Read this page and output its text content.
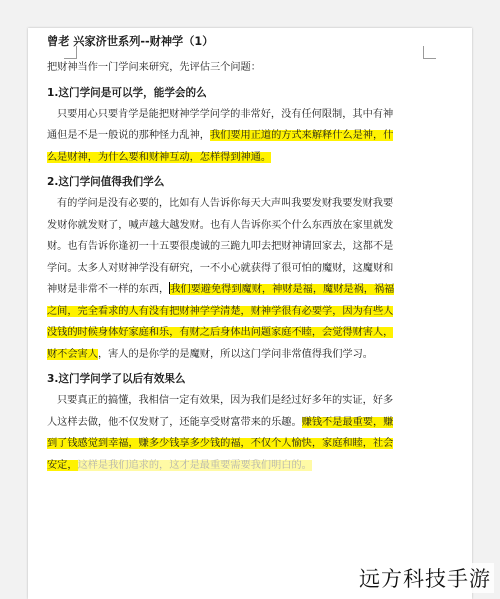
曾老 兴家济世系列--财神学（1）

把财神当作一门学问来研究，先评估三个问题：

1.这门学问是可以学，能学会的么

只要用心只要肯学是能把财神学学问学的非常好，没有任何限制，其中有神通但是不是一般说的那种怪力乱神，我们要用正道的方式来解释什么是神，什么是财神，为什么要和财神互动，怎样得到神通。

2.这门学问值得我们学么

有的学问是没有必要的，比如有人告诉你每天大声叫我要发财我要发财我要发财你就发财了，喊声越大越发财。也有人告诉你买个什么东西放在家里就发财。也有告诉你逢初一十五要很虔诚的三跪九叩去把财神请回家去，这都不是学问。太多人对财神学没有研究，一不小心就获得了很可怕的魔财，这魔财和神财是非常不一样的东西，我们要避免得到魔财，神财是福，魔财是祸，祸福之间，完全看求的人有没有把财神学学清楚，财神学很有必要学，因为有些人没钱的时候身体好家庭和乐，有财之后身体出问题家庭不睦，会觉得财害人，财不会害人，害人的是你学的是魔财，所以这门学问非常值得我们学习。

3.这门学问学了以后有效果么

只要真正的搞懂，我相信一定有效果，因为我们是经过好多年的实证，好多人这样去做，他不仅发财了，还能享受财富带来的乐趣。赚钱不是最重要，赚到了钱感觉到幸福，赚多少钱享多少钱的福，不仅个人愉快，家庭和睦，社会安定，这样是我们追求的，这才是最重要需要我们明白的。

远方科技手游
